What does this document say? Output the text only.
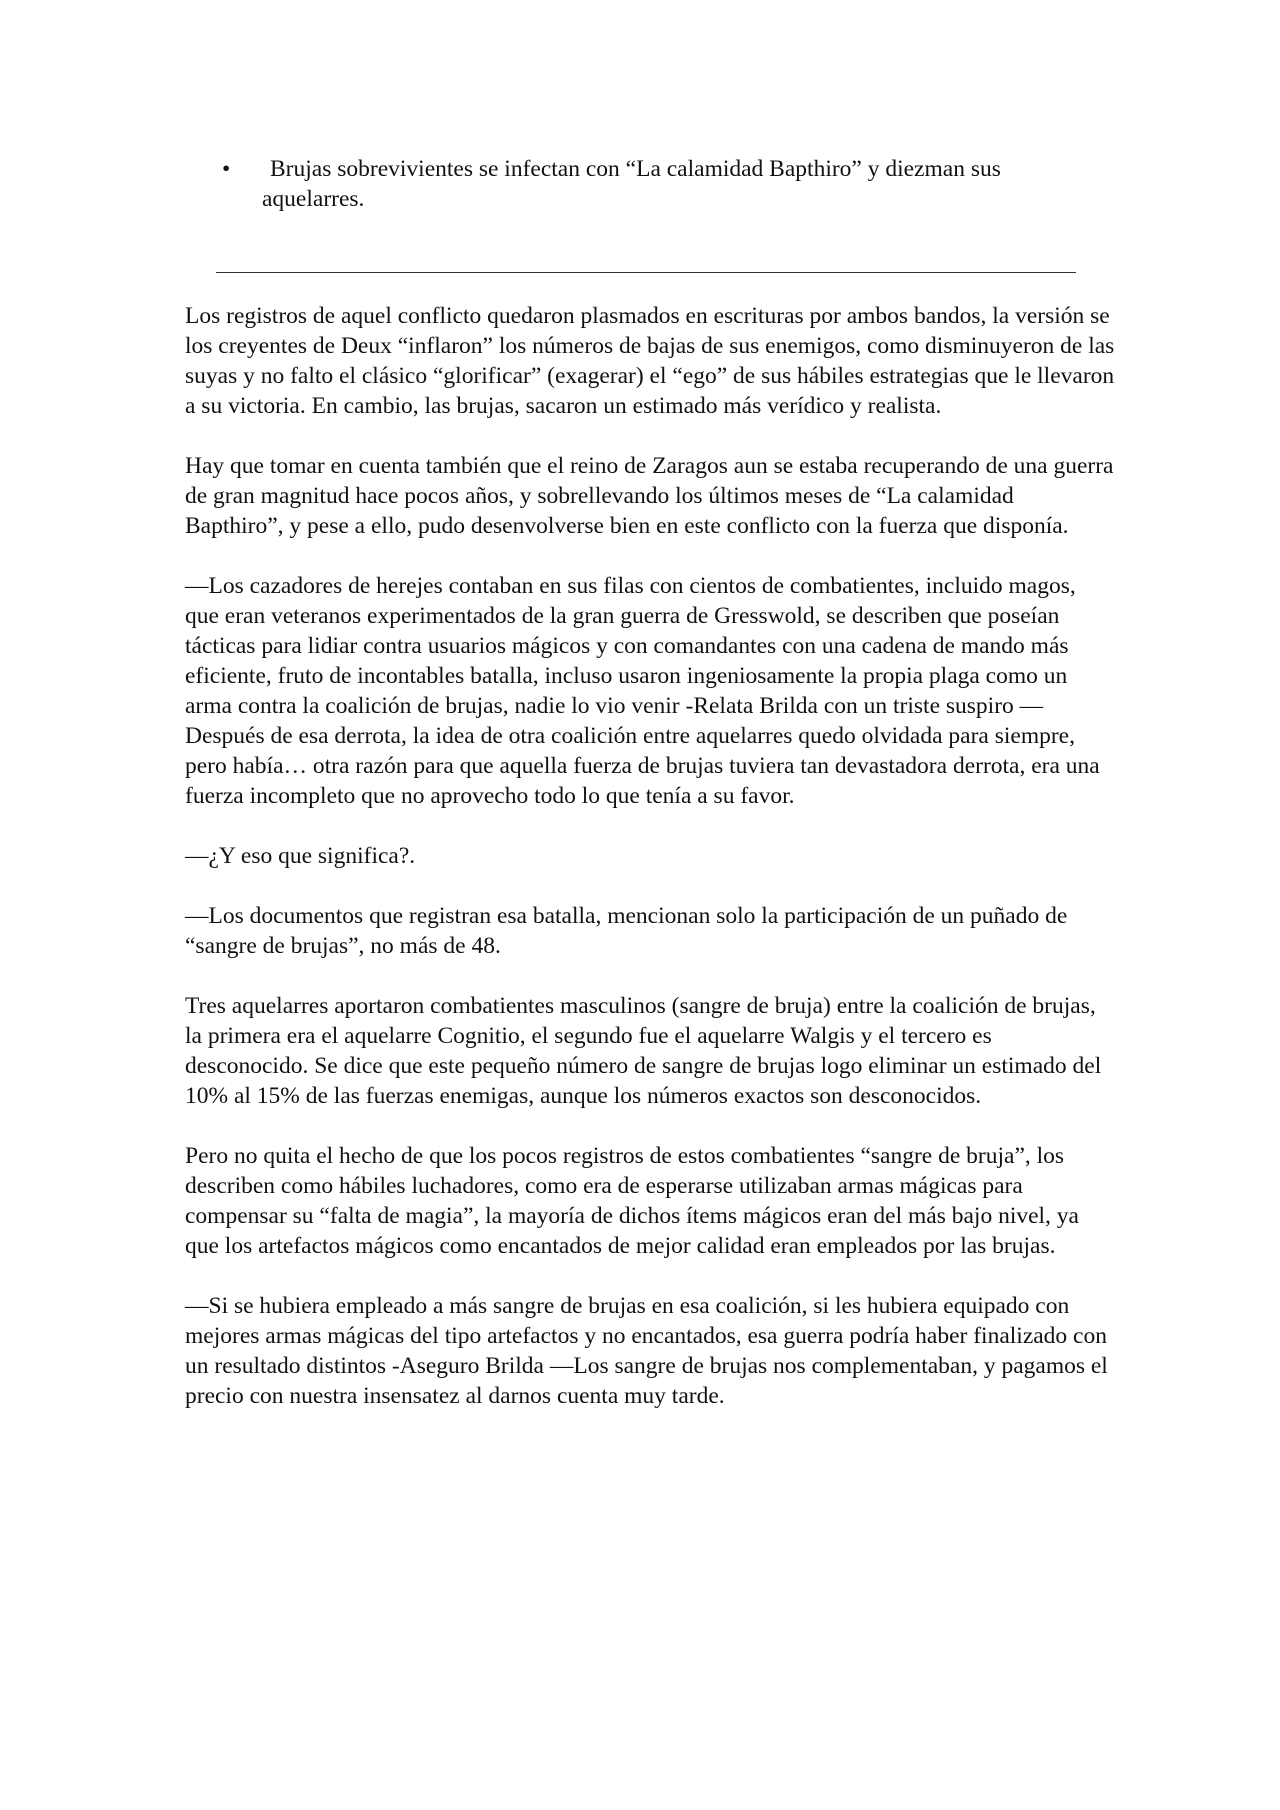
•	Brujas sobrevivientes se infectan con “La calamidad Bapthiro” y diezman sus aquelarres.

Los registros de aquel conflicto quedaron plasmados en escrituras por ambos bandos, la versión se los creyentes de Deux “inflaron” los números de bajas de sus enemigos, como disminuyeron de las suyas y no falto el clásico “glorificar” (exagerar) el “ego” de sus hábiles estrategias que le llevaron a su victoria. En cambio, las brujas, sacaron un estimado más verídico y realista.

Hay que tomar en cuenta también que el reino de Zaragos aun se estaba recuperando de una guerra de gran magnitud hace pocos años, y sobrellevando los últimos meses de “La calamidad Bapthiro”, y pese a ello, pudo desenvolverse bien en este conflicto con la fuerza que disponía.

—Los cazadores de herejes contaban en sus filas con cientos de combatientes, incluido magos, que eran veteranos experimentados de la gran guerra de Gresswold, se describen que poseían tácticas para lidiar contra usuarios mágicos y con comandantes con una cadena de mando más eficiente, fruto de incontables batalla, incluso usaron ingeniosamente la propia plaga como un arma contra la coalición de brujas, nadie lo vio venir -Relata Brilda con un triste suspiro —Después de esa derrota, la idea de otra coalición entre aquelarres quedo olvidada para siempre, pero había… otra razón para que aquella fuerza de brujas tuviera tan devastadora derrota, era una fuerza incompleto que no aprovecho todo lo que tenía a su favor.

—¿Y eso que significa?.

—Los documentos que registran esa batalla, mencionan solo la participación de un puñado de “sangre de brujas”, no más de 48.

Tres aquelarres aportaron combatientes masculinos (sangre de bruja) entre la coalición de brujas, la primera era el aquelarre Cognitio, el segundo fue el aquelarre Walgis y el tercero es desconocido. Se dice que este pequeño número de sangre de brujas logo eliminar un estimado del 10% al 15% de las fuerzas enemigas, aunque los números exactos son desconocidos.

Pero no quita el hecho de que los pocos registros de estos combatientes “sangre de bruja”, los describen como hábiles luchadores, como era de esperarse utilizaban armas mágicas para compensar su “falta de magia”, la mayoría de dichos ítems mágicos eran del más bajo nivel, ya que los artefactos mágicos como encantados de mejor calidad eran empleados por las brujas.

—Si se hubiera empleado a más sangre de brujas en esa coalición, si les hubiera equipado con mejores armas mágicas del tipo artefactos y no encantados, esa guerra podría haber finalizado con un resultado distintos -Aseguro Brilda —Los sangre de brujas nos complementaban, y pagamos el precio con nuestra insensatez al darnos cuenta muy tarde.
